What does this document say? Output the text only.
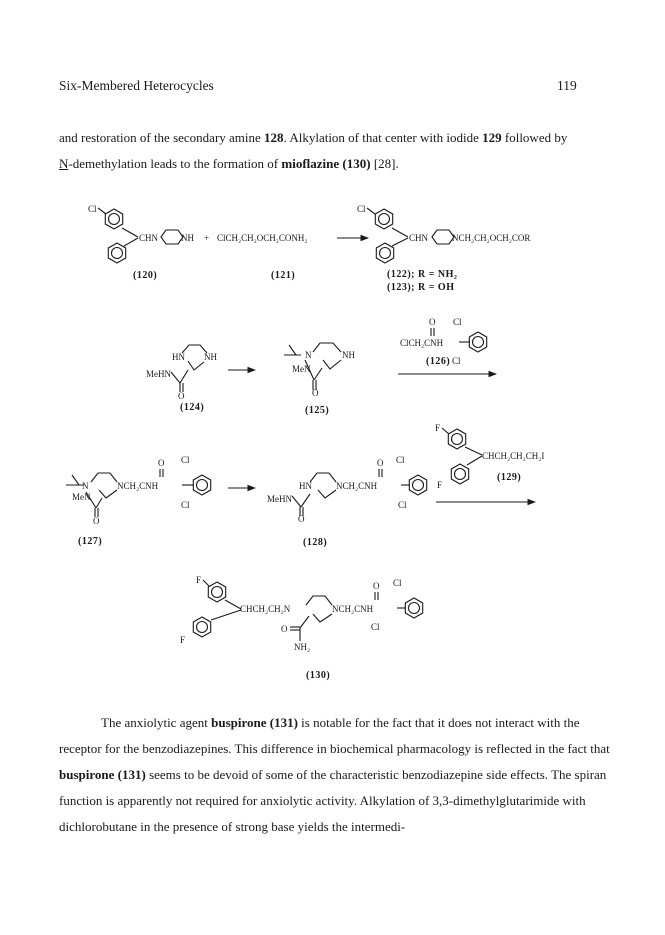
Six-Membered Heterocycles	119

and restoration of the secondary amine 128. Alkylation of that center with iodide 129 followed by
N-demethylation leads to the formation of mioflazine (130) [28].

Cl
CHN	NH + ClCH₂CH₂OCH₂CONH₂
Cl
CHN	NCH₂CH₂OCH₂COR
(120)	(121)	(122); R = NH₂
(123); R = OH
HN NH
MeHN
O
(124)
N	NH
MeN
O
(125)
O
ClCH₂CNH
Cl
Cl
(126)
N	NCH₂CNH
O Cl
Cl
MeN
O
(127)
HN	NCH₂CNH
O Cl
Cl
MeHN
O
(128)
F
CHCH₂CH₂CH₂I
F
(129)
F
CHCH₂CH₂N	NCH₂CNH
O Cl
Cl
F
O
NH₂
(130)

The anxiolytic agent buspirone (131) is notable for the fact that it does not interact with the receptor for the benzodiazepines. This difference in biochemical pharmacology is reflected in the fact that buspirone (131) seems to be devoid of some of the characteristic benzodiazepine side effects. The spiran function is apparently not required for anxiolytic activity. Alkylation of 3,3-dimethylglutarimide with dichlorobutane in the presence of strong base yields the intermedi-
